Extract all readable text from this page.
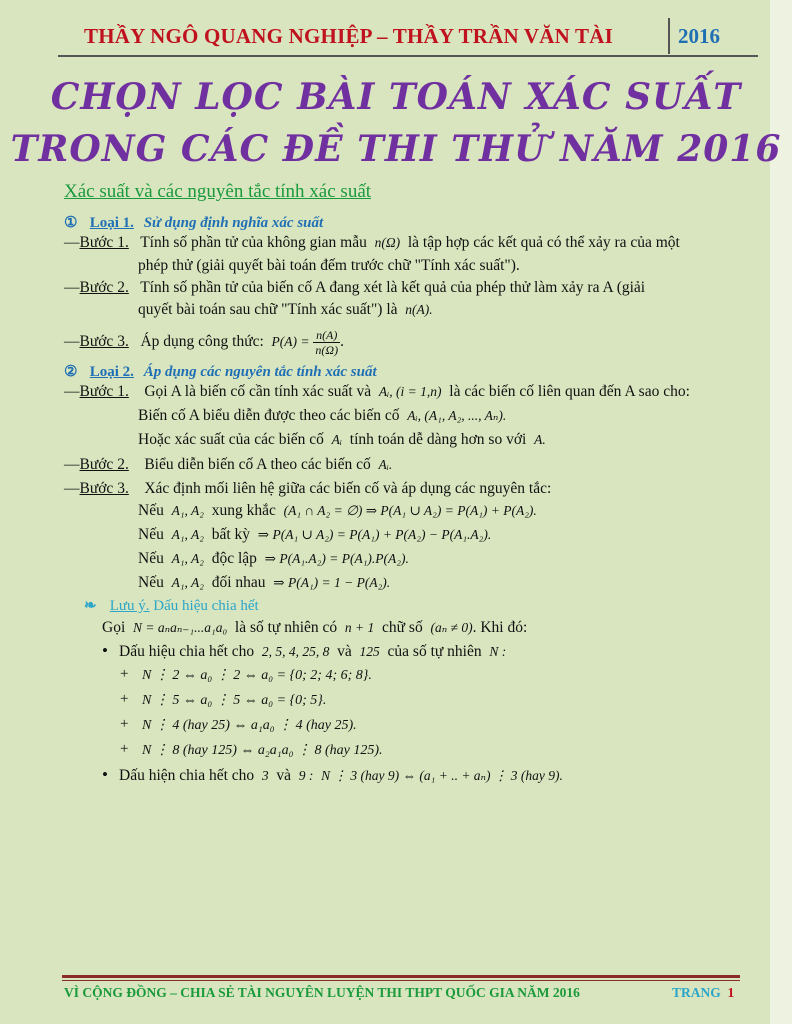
THẦY NGÔ QUANG NGHIỆP – THẦY TRẦN VĂN TÀI	2016
CHỌN LỌC BÀI TOÁN XÁC SUẤT
TRONG CÁC ĐỀ THI THỬ NĂM 2016
Xác suất và các nguyên tắc tính xác suất
① Loại 1. Sử dụng định nghĩa xác suất
—Bước 1. Tính số phần tử của không gian mẫu n(Ω) là tập hợp các kết quả có thể xảy ra của một
phép thử (giải quyết bài toán đếm trước chữ "Tính xác suất").
—Bước 2. Tính số phần tử của biến cố A đang xét là kết quả của phép thử làm xảy ra A (giải
quyết bài toán sau chữ "Tính xác suất") là n(A).
—Bước 3. Áp dụng công thức: $P(A) = \frac{n(A)}{n(\Omega)}$ .
② Loại 2. Áp dụng các nguyên tắc tính xác suất
—Bước 1. Gọi A là biến cố cần tính xác suất và Aᵢ, (i = 1,n) là các biến cố liên quan đến A sao cho:
Biến cố A biểu diễn được theo các biến cố Aᵢ, (A₁, A₂, ..., Aₙ).
Hoặc xác suất của các biến cố Aᵢ tính toán dễ dàng hơn so với A.
—Bước 2. Biểu diễn biến cố A theo các biến cố Aᵢ.
—Bước 3. Xác định mối liên hệ giữa các biến cố và áp dụng các nguyên tắc:
Nếu A₁, A₂ xung khắc (A₁ ∩ A₂ = ∅) ⇒ P(A₁ ∪ A₂) = P(A₁) + P(A₂).
Nếu A₁, A₂ bất kỳ ⇒ P(A₁ ∪ A₂) = P(A₁) + P(A₂) − P(A₁.A₂).
Nếu A₁, A₂ độc lập ⇒ P(A₁.A₂) = P(A₁).P(A₂).
Nếu A₁, A₂ đối nhau ⇒ P(A₁) = 1 − P(A₂).
❧ Lưu ý. Dấu hiệu chia hết
Gọi N = aₙaₙ₋₁...a₁a₀ là số tự nhiên có n + 1 chữ số (aₙ ≠ 0). Khi đó:
• Dấu hiệu chia hết cho 2, 5, 4, 25, 8 và 125 của số tự nhiên N :
+ N ⋮ 2 ⇔ a₀ ⋮ 2 ⇔ a₀ = {0; 2; 4; 6; 8}.
+ N ⋮ 5 ⇔ a₀ ⋮ 5 ⇔ a₀ = {0; 5}.
+ N ⋮ 4 (hay 25) ⇔ a₁a₀ ⋮ 4 (hay 25).
+ N ⋮ 8 (hay 125) ⇔ a₂a₁a₀ ⋮ 8 (hay 125).
• Dấu hiện chia hết cho 3 và 9 : N ⋮ 3 (hay 9) ⇔ (a₁ + .. + aₙ) ⋮ 3 (hay 9).
VÌ CỘNG ĐỒNG – CHIA SẺ TÀI NGUYÊN LUYỆN THI THPT QUỐC GIA NĂM 2016	TRANG 1
